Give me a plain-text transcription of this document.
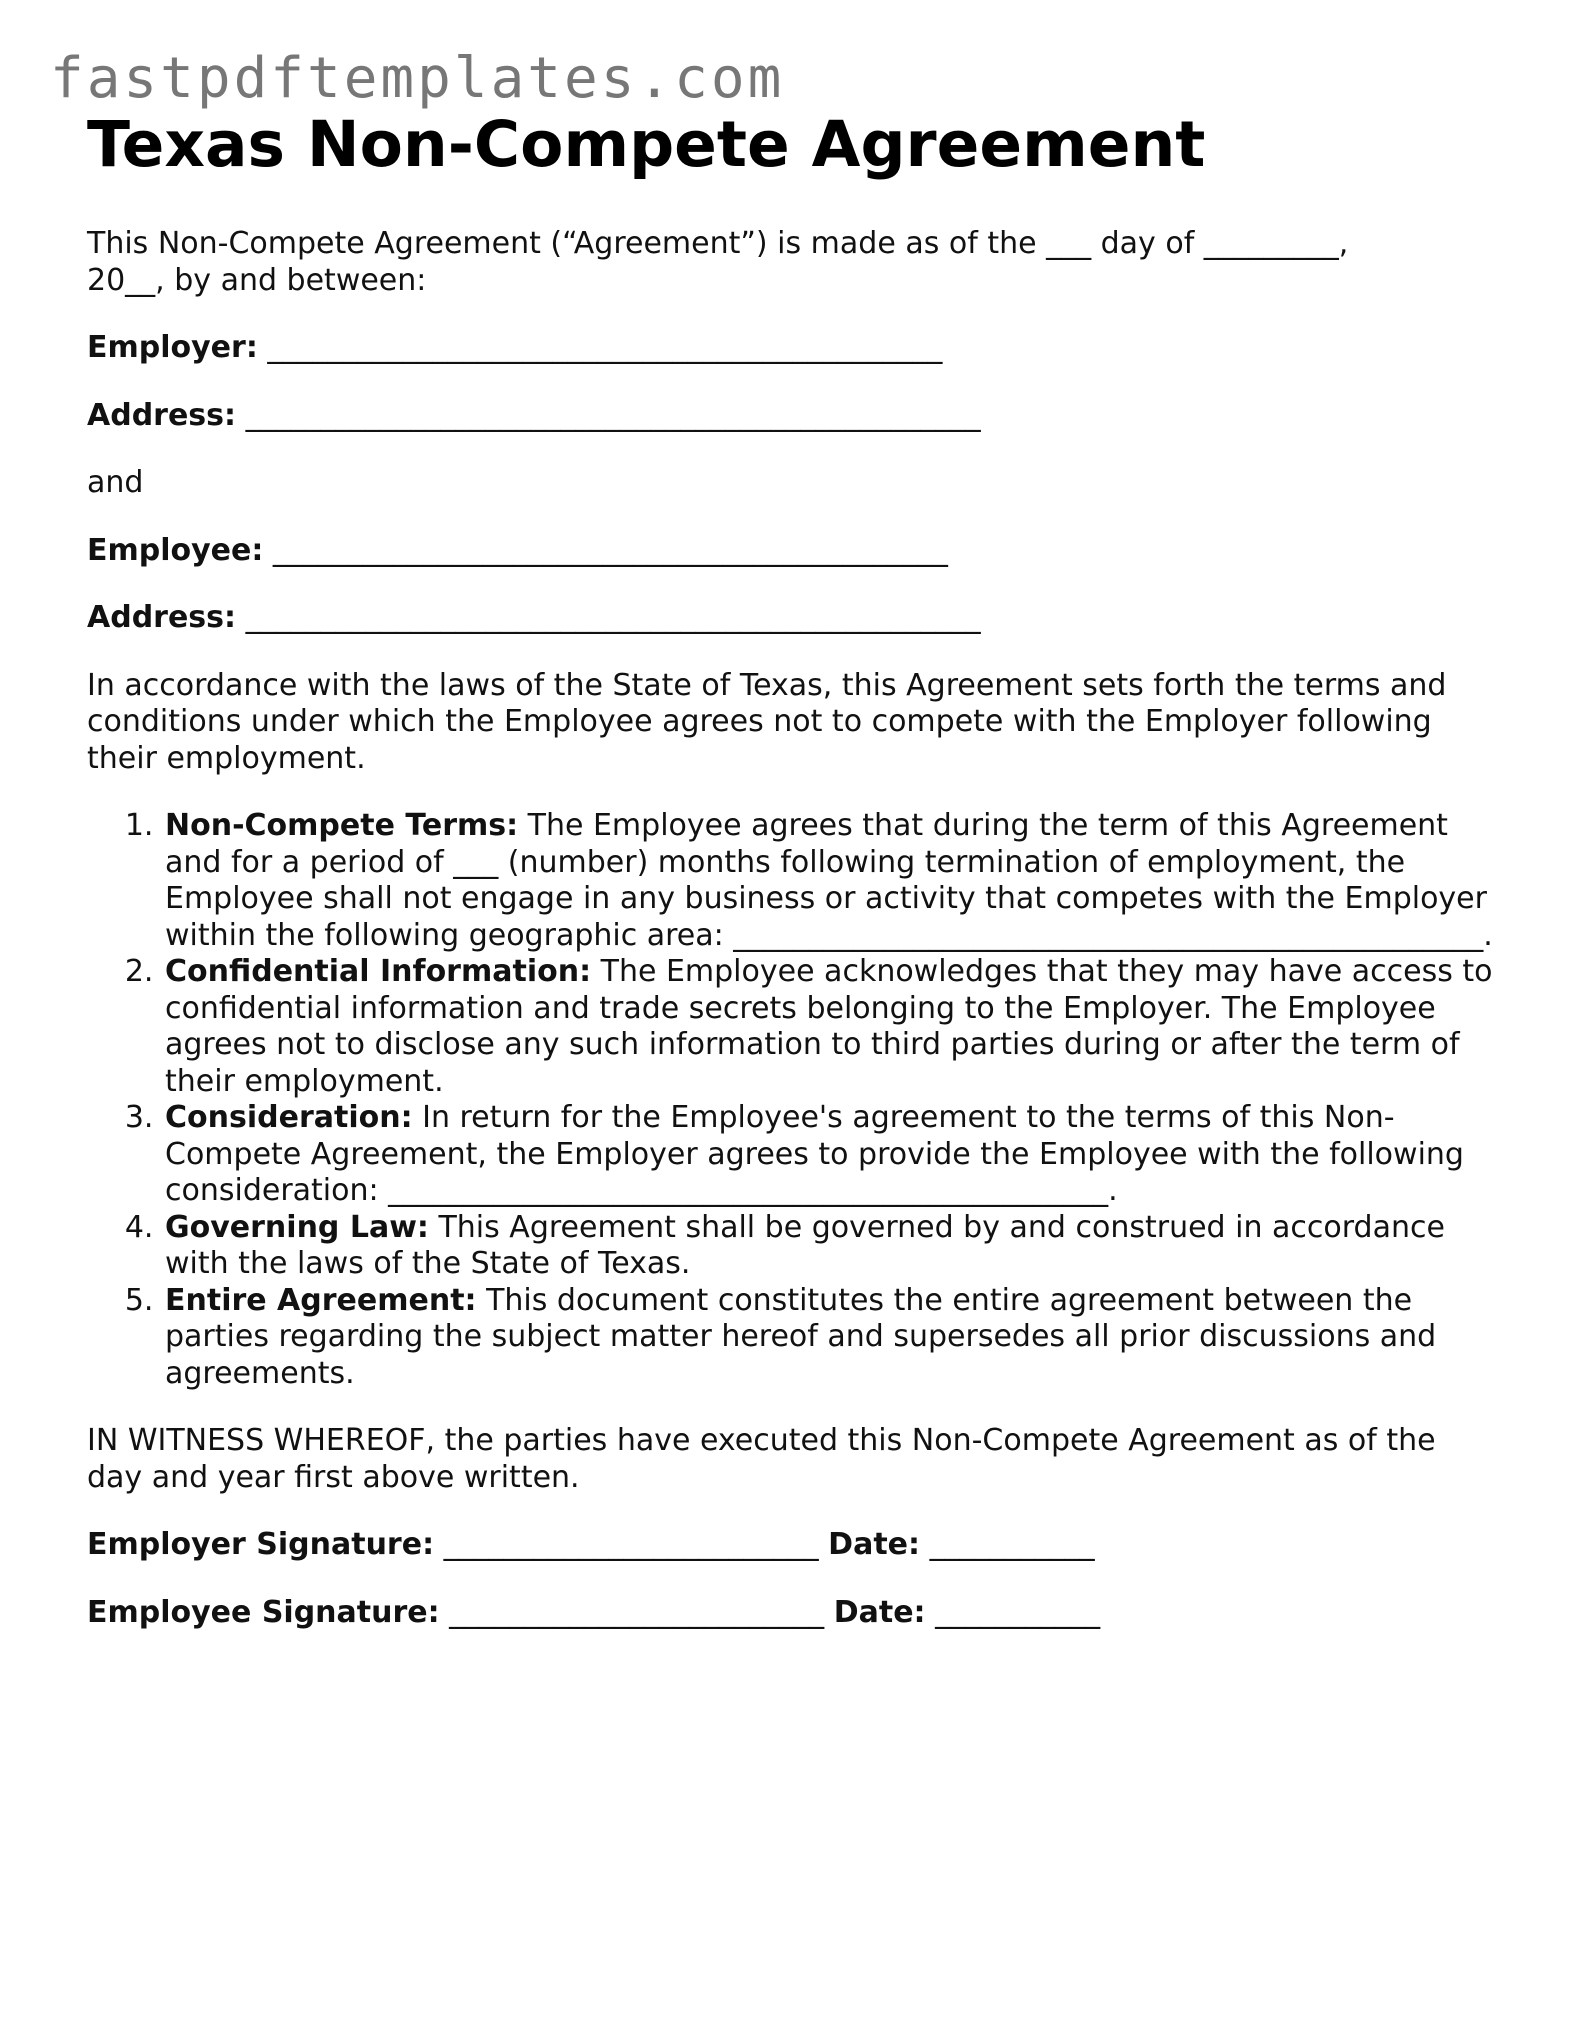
fastpdftemplates.com
Texas Non-Compete Agreement

This Non-Compete Agreement (“Agreement”) is made as of the ___ day of _________,
20__, by and between:

Employer: _____________________________________________

Address: _________________________________________________

and

Employee: _____________________________________________

Address: _________________________________________________

In accordance with the laws of the State of Texas, this Agreement sets forth the terms and conditions under which the Employee agrees not to compete with the Employer following their employment.

1. Non-Compete Terms: The Employee agrees that during the term of this Agreement and for a period of ___ (number) months following termination of employment, the Employee shall not engage in any business or activity that competes with the Employer within the following geographic area: __________________________________________________.
2. Confidential Information: The Employee acknowledges that they may have access to confidential information and trade secrets belonging to the Employer. The Employee agrees not to disclose any such information to third parties during or after the term of their employment.
3. Consideration: In return for the Employee's agreement to the terms of this Non-Compete Agreement, the Employer agrees to provide the Employee with the following consideration: ________________________________________________.
4. Governing Law: This Agreement shall be governed by and construed in accordance with the laws of the State of Texas.
5. Entire Agreement: This document constitutes the entire agreement between the parties regarding the subject matter hereof and supersedes all prior discussions and agreements.

IN WITNESS WHEREOF, the parties have executed this Non-Compete Agreement as of the day and year first above written.

Employer Signature: _________________________ Date: ___________

Employee Signature: _________________________ Date: ___________
